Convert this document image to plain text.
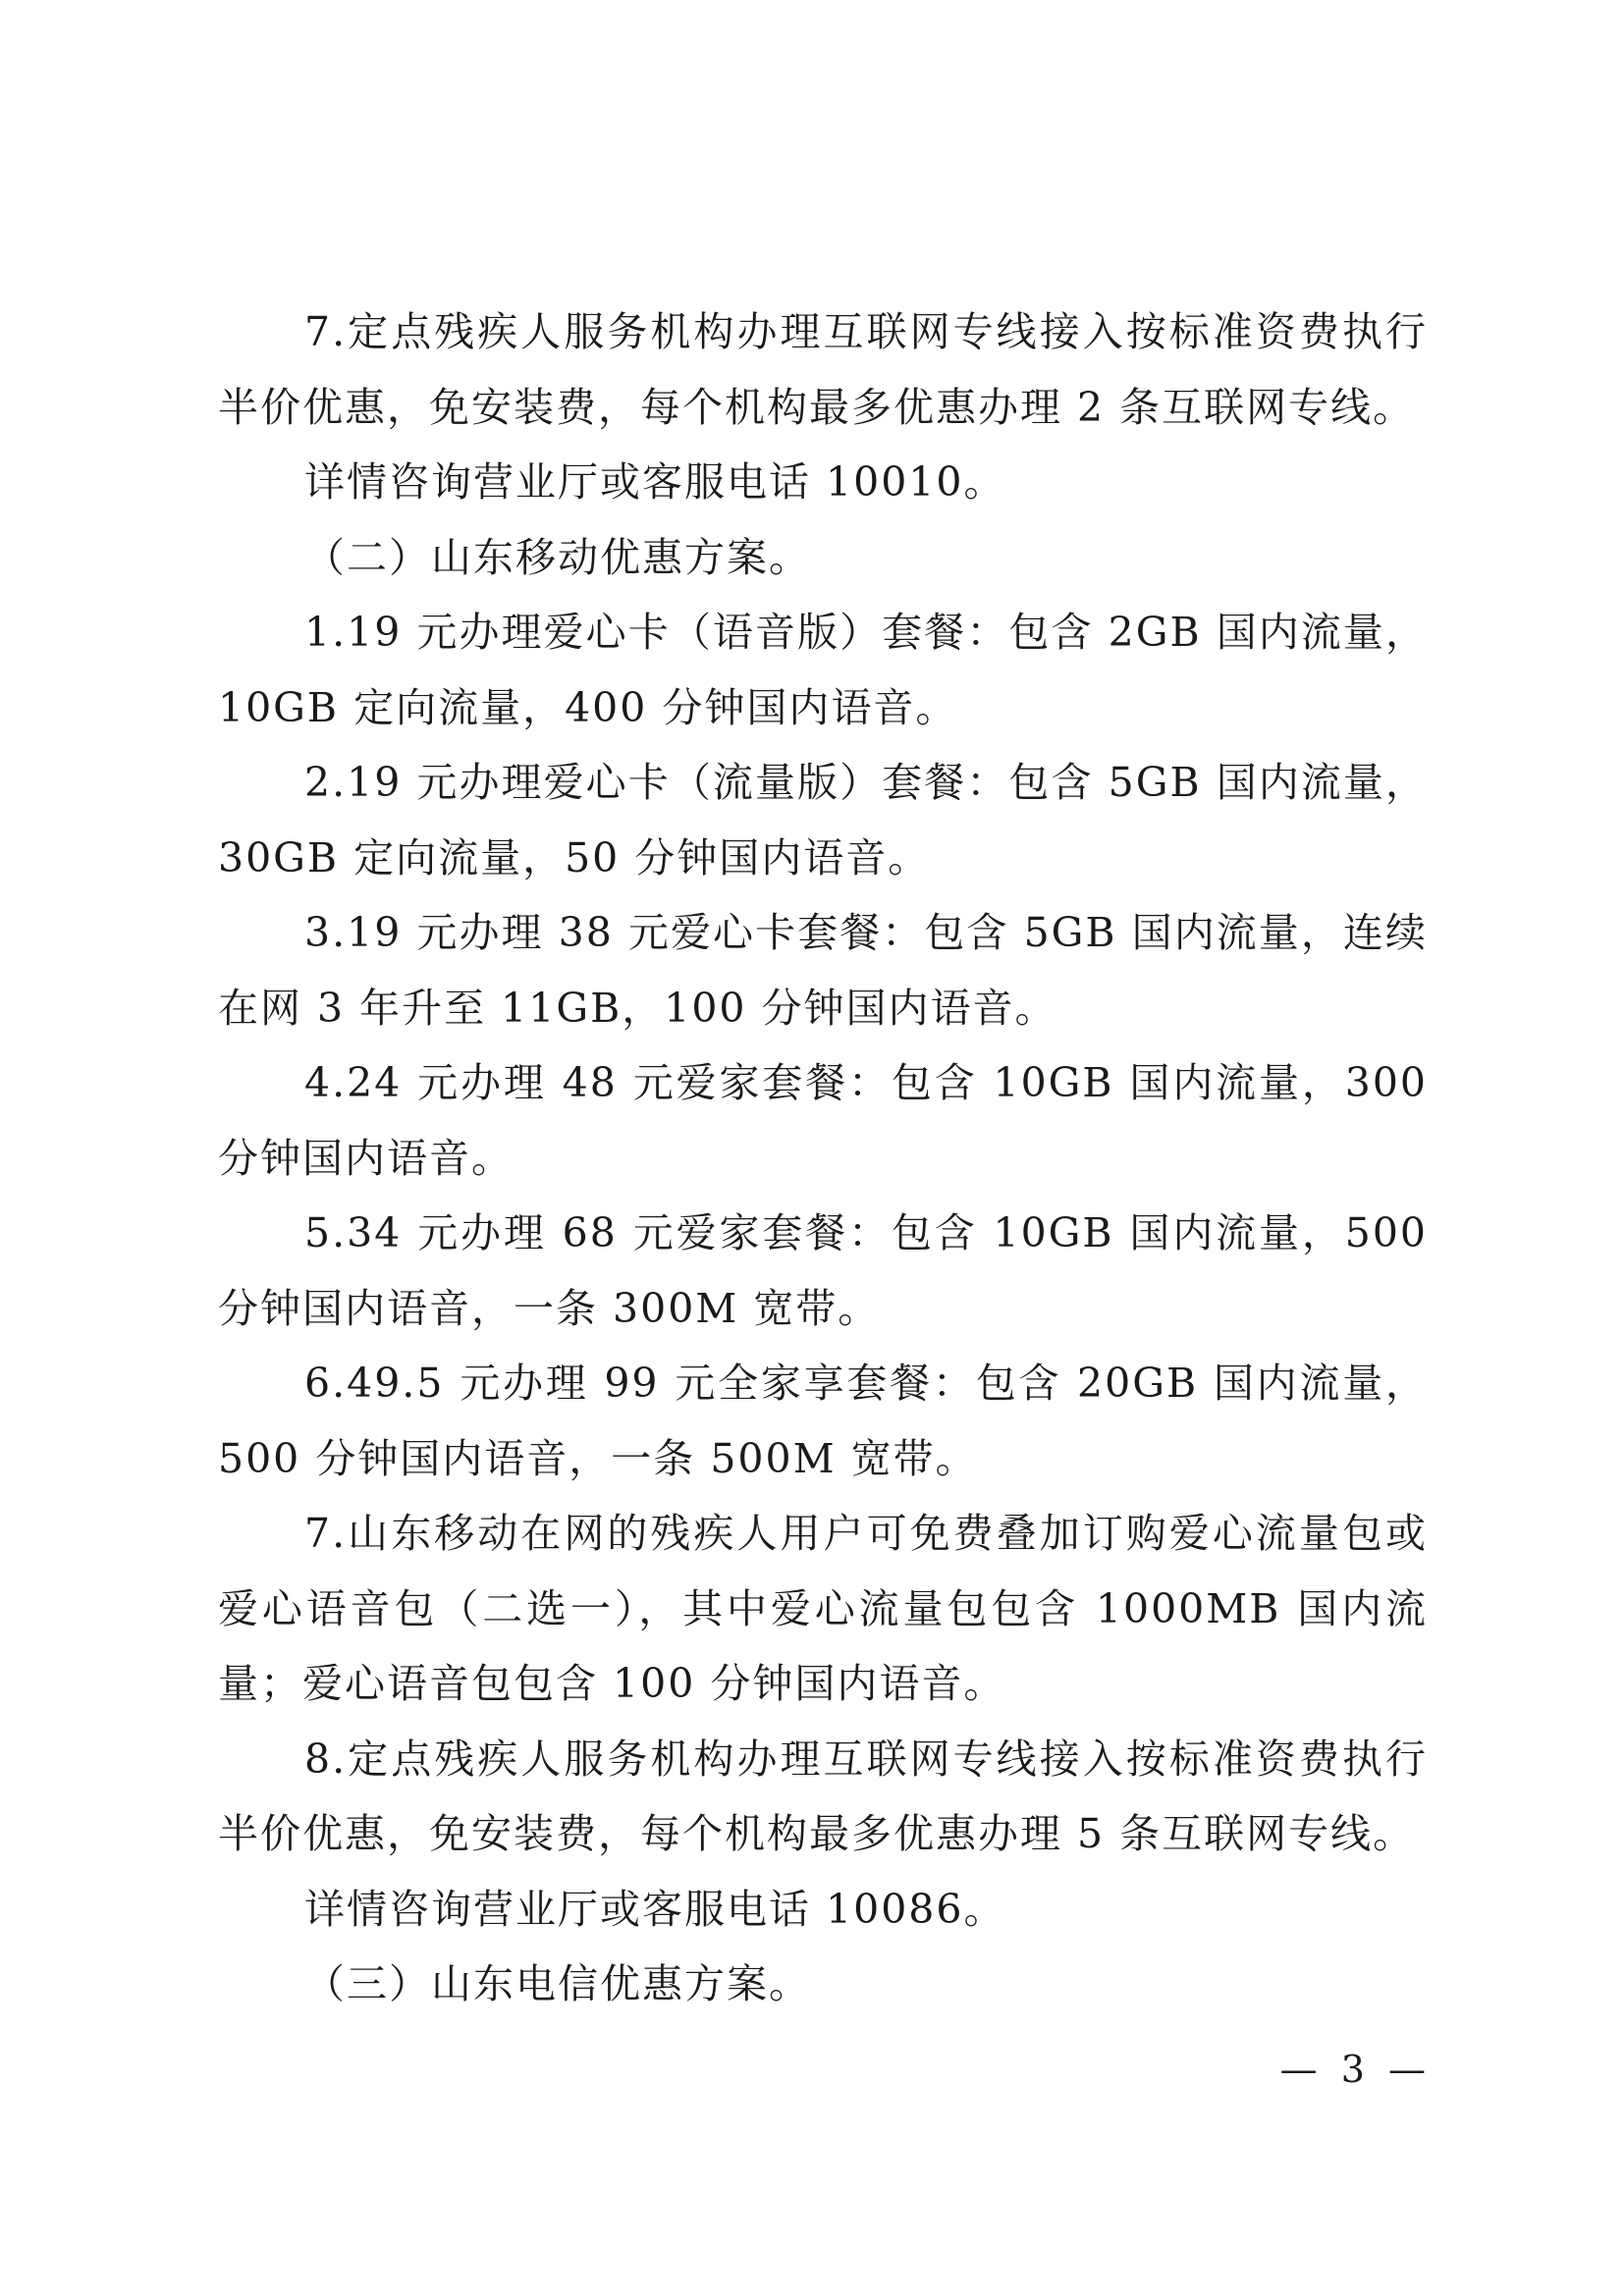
7.定点残疾人服务机构办理互联网专线接入按标准资费执行半价优惠，免安装费，每个机构最多优惠办理 2 条互联网专线。

详情咨询营业厅或客服电话 10010。

（二）山东移动优惠方案。

1.19 元办理爱心卡（语音版）套餐：包含 2GB 国内流量，10GB 定向流量，400 分钟国内语音。

2.19 元办理爱心卡（流量版）套餐：包含 5GB 国内流量，30GB 定向流量，50 分钟国内语音。

3.19 元办理 38 元爱心卡套餐：包含 5GB 国内流量，连续在网 3 年升至 11GB，100 分钟国内语音。

4.24 元办理 48 元爱家套餐：包含 10GB 国内流量，300 分钟国内语音。

5.34 元办理 68 元爱家套餐：包含 10GB 国内流量，500 分钟国内语音，一条 300M 宽带。

6.49.5 元办理 99 元全家享套餐：包含 20GB 国内流量，500 分钟国内语音，一条 500M 宽带。

7.山东移动在网的残疾人用户可免费叠加订购爱心流量包或爱心语音包（二选一），其中爱心流量包包含 1000MB 国内流量；爱心语音包包含 100 分钟国内语音。

8.定点残疾人服务机构办理互联网专线接入按标准资费执行半价优惠，免安装费，每个机构最多优惠办理 5 条互联网专线。

详情咨询营业厅或客服电话 10086。

（三）山东电信优惠方案。

— 3 —
